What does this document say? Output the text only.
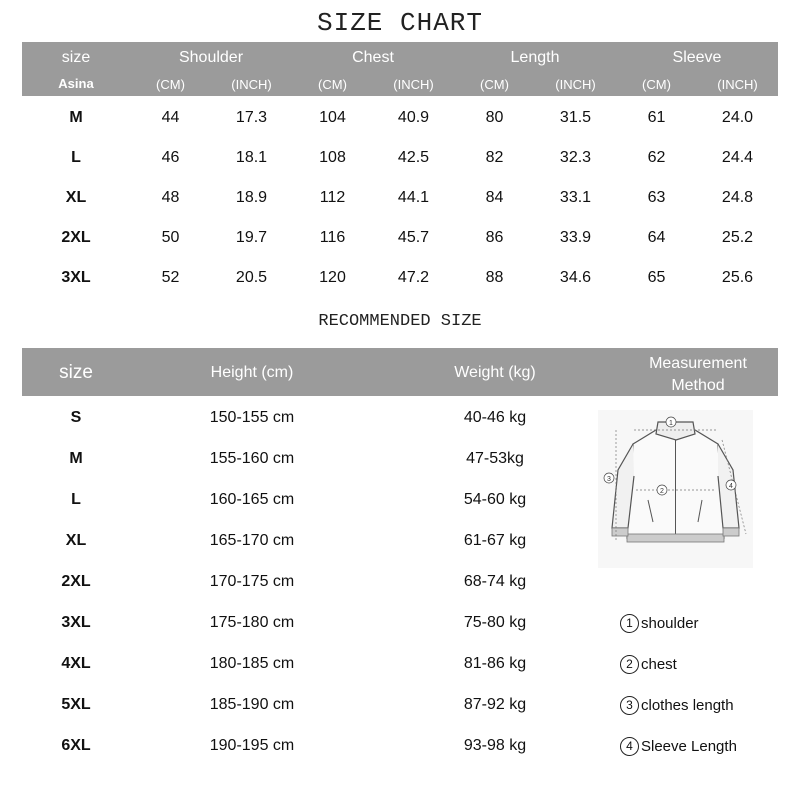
SIZE CHART
size
Asina
Shoulder	Chest	Length	Sleeve
(CM)	(INCH)	(CM)	(INCH)	(CM)	(INCH)	(CM)	(INCH)
M	44	17.3	104	40.9	80	31.5	61	24.0
L	46	18.1	108	42.5	82	32.3	62	24.4
XL	48	18.9	112	44.1	84	33.1	63	24.8
2XL	50	19.7	116	45.7	86	33.9	64	25.2
3XL	52	20.5	120	47.2	88	34.6	65	25.6
RECOMMENDED SIZE
size	Height (cm)	Weight (kg)
Measurement
Method
S	150-155 cm	40-46 kg
M	155-160 cm	47-53kg
L	160-165 cm	54-60 kg
XL	165-170 cm	61-67 kg
2XL	170-175 cm	68-74 kg
3XL	175-180 cm	75-80 kg
4XL	180-185 cm	81-86 kg
5XL	185-190 cm	87-92 kg
6XL	190-195 cm	93-98 kg
1
2
3
4
1 shoulder
2 chest
3 clothes length
4 Sleeve Length
